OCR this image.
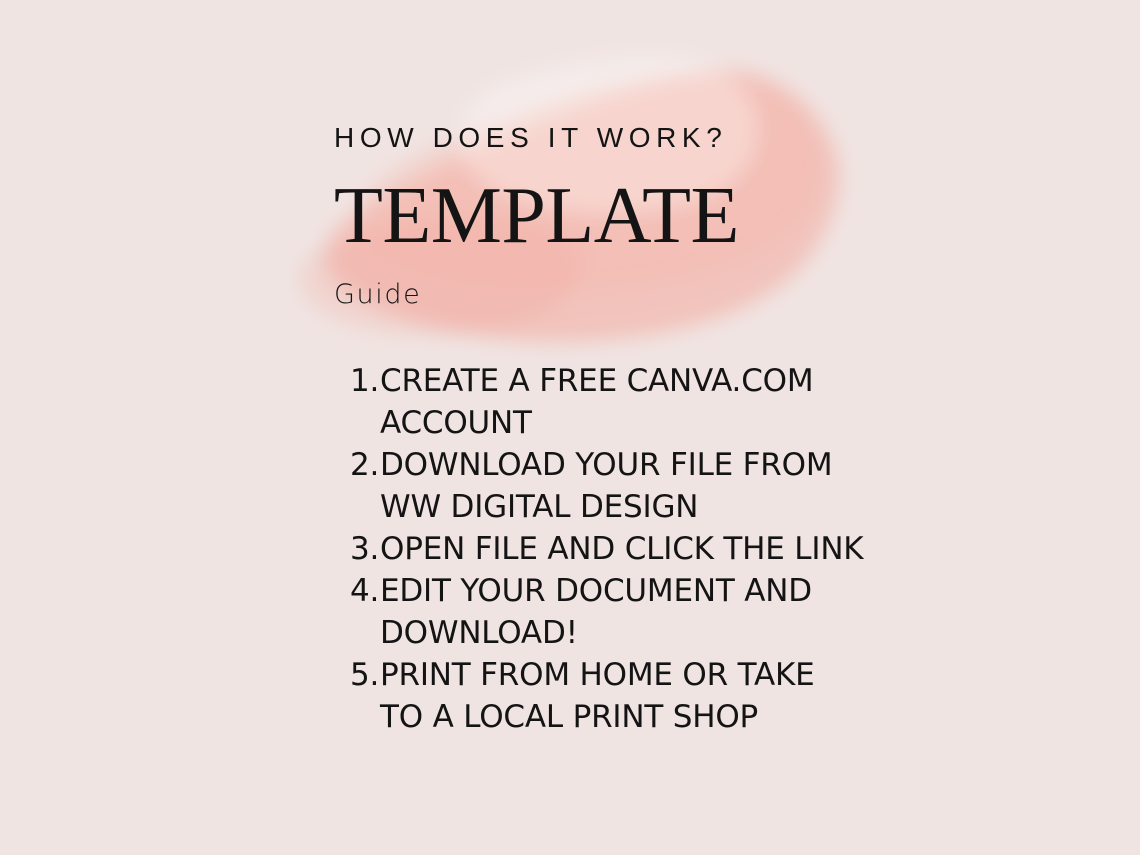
HOW DOES IT WORK?
TEMPLATE

Guide

1. CREATE A FREE CANVA.COM
ACCOUNT
2. DOWNLOAD YOUR FILE FROM
WW DIGITAL DESIGN
3. OPEN FILE AND CLICK THE LINK
4. EDIT YOUR DOCUMENT AND
DOWNLOAD!
5. PRINT FROM HOME OR TAKE
TO A LOCAL PRINT SHOP
